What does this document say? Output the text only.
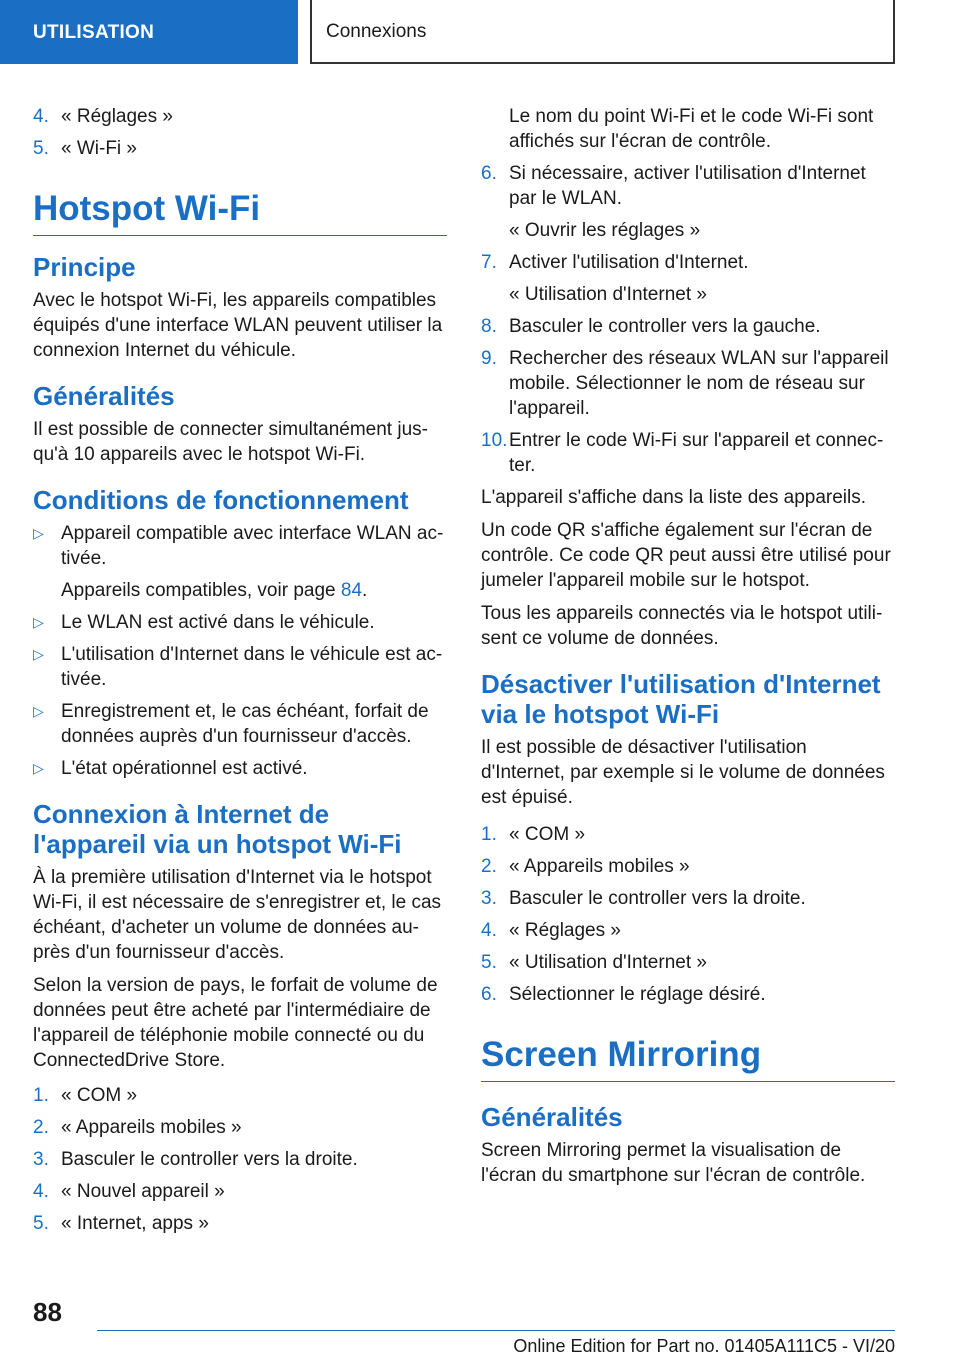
UTILISATION	Connexions
4. « Réglages »
5. « Wi-Fi »
Hotspot Wi-Fi
Principe

Avec le hotspot Wi-Fi, les appareils compatibles équipés d'une interface WLAN peuvent utiliser la connexion Internet du véhicule.

Généralités

Il est possible de connecter simultanément jus-qu'à 10 appareils avec le hotspot Wi-Fi.

Conditions de fonctionnement
▷ Appareil compatible avec interface WLAN ac-tivée.
Appareils compatibles, voir page 84.
▷ Le WLAN est activé dans le véhicule.
▷ L'utilisation d'Internet dans le véhicule est ac-tivée.
▷ Enregistrement et, le cas échéant, forfait de données auprès d'un fournisseur d'accès.
▷ L'état opérationnel est activé.
Connexion à Internet de l'appareil via un hotspot Wi-Fi

À la première utilisation d'Internet via le hotspot Wi-Fi, il est nécessaire de s'enregistrer et, le cas échéant, d'acheter un volume de données au-près d'un fournisseur d'accès.

Selon la version de pays, le forfait de volume de données peut être acheté par l'intermédiaire de l'appareil de téléphonie mobile connecté ou du ConnectedDrive Store.

1. « COM »
2. « Appareils mobiles »
3. Basculer le controller vers la droite.
4. « Nouvel appareil »
5. « Internet, apps »
Le nom du point Wi-Fi et le code Wi-Fi sont affichés sur l'écran de contrôle.
6. Si nécessaire, activer l'utilisation d'Internet par le WLAN.
« Ouvrir les réglages »
7. Activer l'utilisation d'Internet.
« Utilisation d'Internet »
8. Basculer le controller vers la gauche.
9. Rechercher des réseaux WLAN sur l'appareil mobile. Sélectionner le nom de réseau sur l'appareil.
10. Entrer le code Wi-Fi sur l'appareil et connec-ter.

L'appareil s'affiche dans la liste des appareils.

Un code QR s'affiche également sur l'écran de contrôle. Ce code QR peut aussi être utilisé pour jumeler l'appareil mobile sur le hotspot.

Tous les appareils connectés via le hotspot utili-sent ce volume de données.

Désactiver l'utilisation d'Internet via le hotspot Wi-Fi

Il est possible de désactiver l'utilisation d'Internet, par exemple si le volume de données est épuisé.

1. « COM »
2. « Appareils mobiles »
3. Basculer le controller vers la droite.
4. « Réglages »
5. « Utilisation d'Internet »
6. Sélectionner le réglage désiré.
Screen Mirroring
Généralités

Screen Mirroring permet la visualisation de l'écran du smartphone sur l'écran de contrôle.

88
Online Edition for Part no. 01405A111C5 - VI/20
